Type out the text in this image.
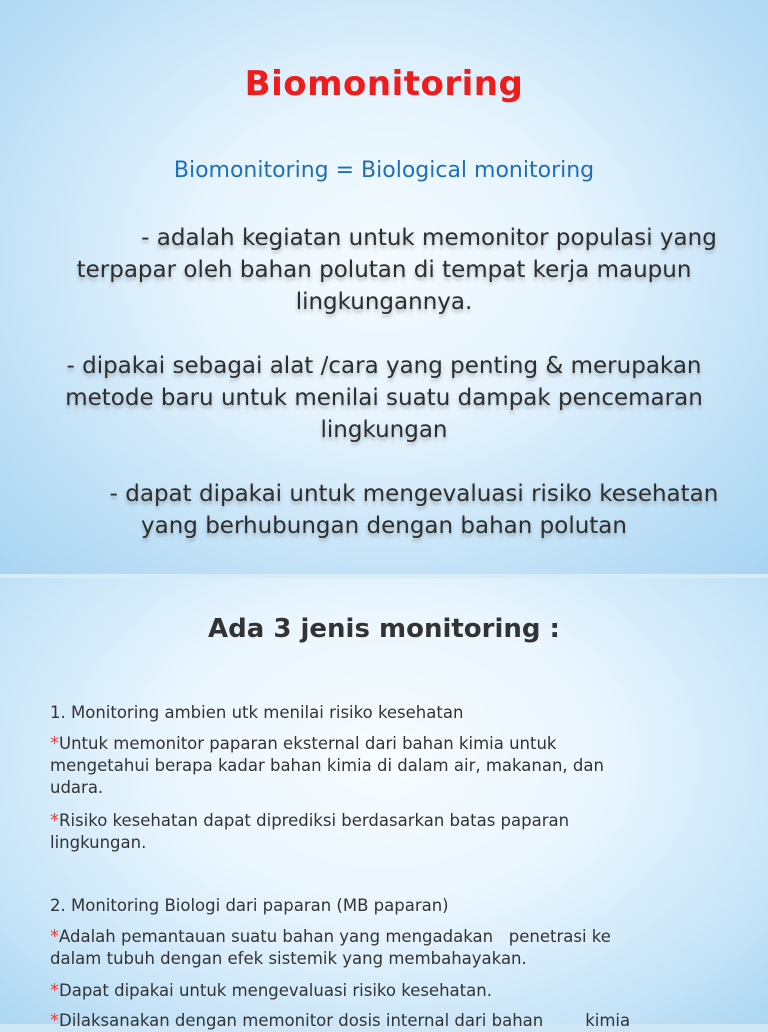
Biomonitoring
Biomonitoring = Biological monitoring
- adalah kegiatan untuk memonitor populasi yang
terpapar oleh bahan polutan di tempat kerja maupun
lingkungannya.
- dipakai sebagai alat /cara yang penting & merupakan
metode baru untuk menilai suatu dampak pencemaran
lingkungan
- dapat dipakai untuk mengevaluasi risiko kesehatan
yang berhubungan dengan bahan polutan
Ada 3 jenis monitoring :
1. Monitoring ambien utk menilai risiko kesehatan
*Untuk memonitor paparan eksternal dari bahan kimia untuk
mengetahui berapa kadar bahan kimia di dalam air, makanan, dan
udara.
*Risiko kesehatan dapat diprediksi berdasarkan batas paparan
lingkungan.
2. Monitoring Biologi dari paparan (MB paparan)
*Adalah pemantauan suatu bahan yang mengadakan   penetrasi ke
dalam tubuh dengan efek sistemik yang membahayakan.
*Dapat dipakai untuk mengevaluasi risiko kesehatan.
*Dilaksanakan dengan memonitor dosis internal dari bahan        kimia
